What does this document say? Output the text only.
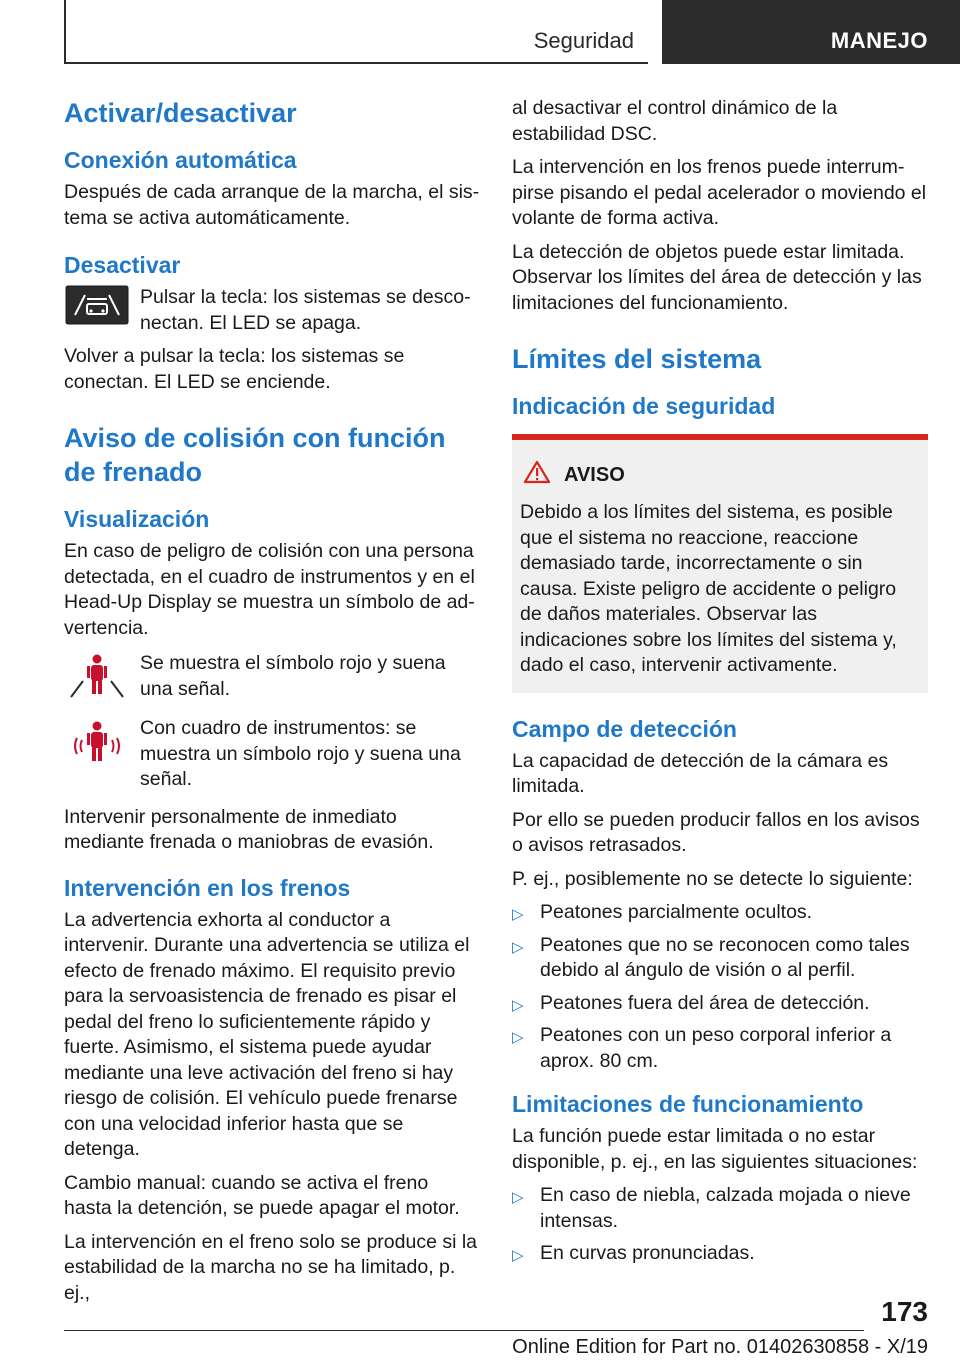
Seguridad	MANEJO
Activar/desactivar
Conexión automática

Después de cada arranque de la marcha, el sistema se activa automáticamente.

Desactivar

Pulsar la tecla: los sistemas se desconectan. El LED se apaga.

Volver a pulsar la tecla: los sistemas se conectan. El LED se enciende.

Aviso de colisión con función de frenado
Visualización

En caso de peligro de colisión con una persona detectada, en el cuadro de instrumentos y en el Head-Up Display se muestra un símbolo de advertencia.

Se muestra el símbolo rojo y suena una señal.

Con cuadro de instrumentos: se muestra un símbolo rojo y suena una señal.

Intervenir personalmente de inmediato mediante frenada o maniobras de evasión.

Intervención en los frenos

La advertencia exhorta al conductor a intervenir. Durante una advertencia se utiliza el efecto de frenado máximo. El requisito previo para la servoasistencia de frenado es pisar el pedal del freno lo suficientemente rápido y fuerte. Asimismo, el sistema puede ayudar mediante una leve activación del freno si hay riesgo de colisión. El vehículo puede frenarse con una velocidad inferior hasta que se detenga.

Cambio manual: cuando se activa el freno hasta la detención, se puede apagar el motor.

La intervención en el freno solo se produce si la estabilidad de la marcha no se ha limitado, p. ej.,

al desactivar el control dinámico de la estabilidad DSC.

La intervención en los frenos puede interrumpirse pisando el pedal acelerador o moviendo el volante de forma activa.

La detección de objetos puede estar limitada. Observar los límites del área de detección y las limitaciones del funcionamiento.

Límites del sistema
Indicación de seguridad
AVISO

Debido a los límites del sistema, es posible que el sistema no reaccione, reaccione demasiado tarde, incorrectamente o sin causa. Existe peligro de accidente o peligro de daños materiales. Observar las indicaciones sobre los límites del sistema y, dado el caso, intervenir activamente.

Campo de detección

La capacidad de detección de la cámara es limitada.

Por ello se pueden producir fallos en los avisos o avisos retrasados.

P. ej., posiblemente no se detecte lo siguiente:

▷ Peatones parcialmente ocultos.
▷ Peatones que no se reconocen como tales debido al ángulo de visión o al perfil.
▷ Peatones fuera del área de detección.
▷ Peatones con un peso corporal inferior a aprox. 80 cm.
Limitaciones de funcionamiento

La función puede estar limitada o no estar disponible, p. ej., en las siguientes situaciones:

▷ En caso de niebla, calzada mojada o nieve intensas.
▷ En curvas pronunciadas.
173
Online Edition for Part no. 01402630858 - X/19
